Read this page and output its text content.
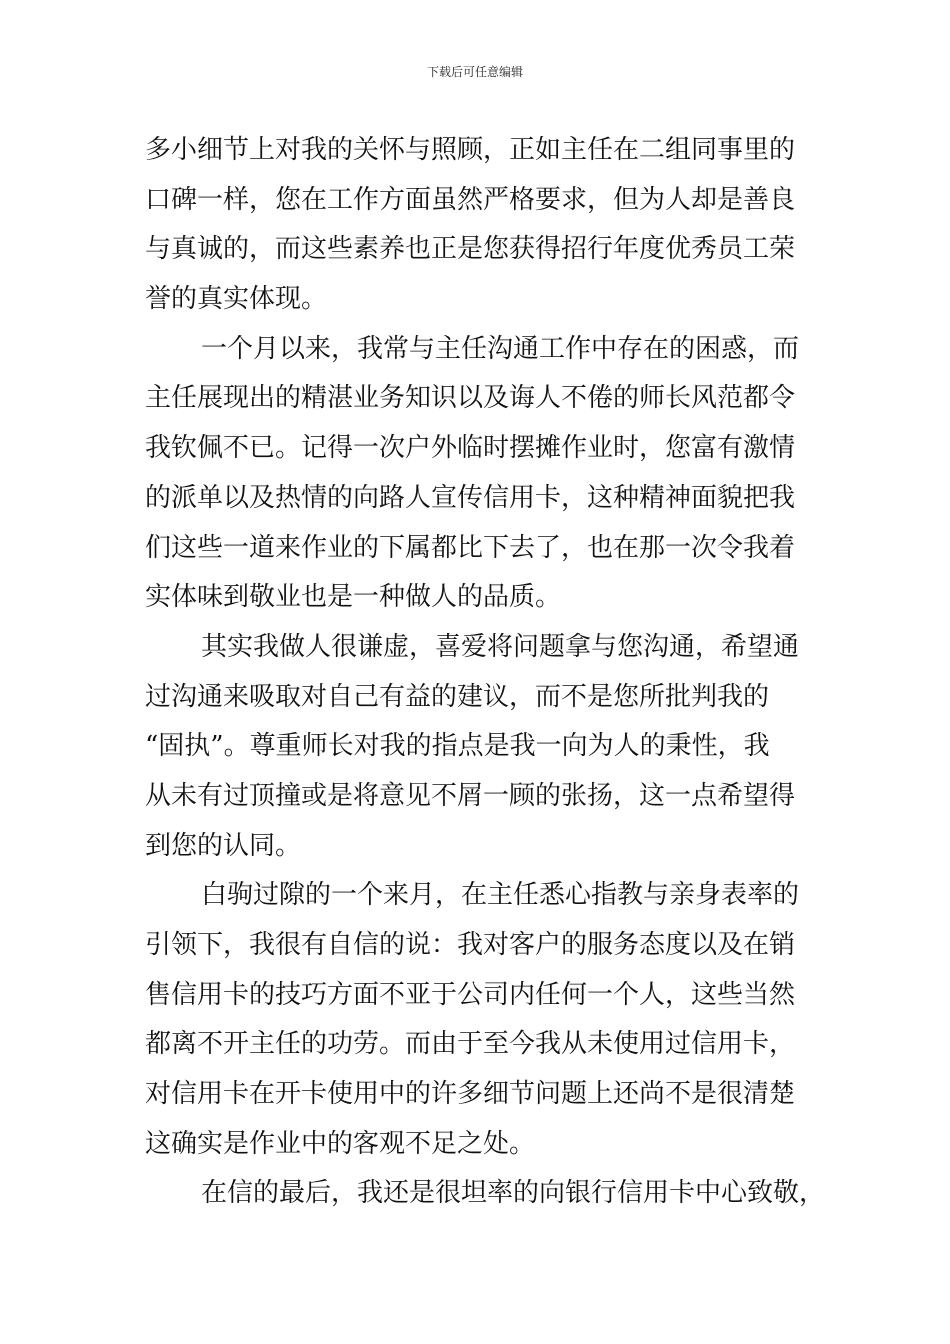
下载后可任意编辑
多小细节上对我的关怀与照顾，正如主任在二组同事里的
口碑一样，您在工作方面虽然严格要求，但为人却是善良
与真诚的，而这些素养也正是您获得招行年度优秀员工荣
誉的真实体现。
一个月以来，我常与主任沟通工作中存在的困惑，而
主任展现出的精湛业务知识以及诲人不倦的师长风范都令
我钦佩不已。记得一次户外临时摆摊作业时，您富有激情
的派单以及热情的向路人宣传信用卡，这种精神面貌把我
们这些一道来作业的下属都比下去了，也在那一次令我着
实体味到敬业也是一种做人的品质。
其实我做人很谦虚，喜爱将问题拿与您沟通，希望通
过沟通来吸取对自己有益的建议，而不是您所批判我的
“固执”。尊重师长对我的指点是我一向为人的秉性，我
从未有过顶撞或是将意见不屑一顾的张扬，这一点希望得
到您的认同。
白驹过隙的一个来月，在主任悉心指教与亲身表率的
引领下，我很有自信的说：我对客户的服务态度以及在销
售信用卡的技巧方面不亚于公司内任何一个人，这些当然
都离不开主任的功劳。而由于至今我从未使用过信用卡，
对信用卡在开卡使用中的许多细节问题上还尚不是很清楚
这确实是作业中的客观不足之处。
在信的最后，我还是很坦率的向银行信用卡中心致敬，
